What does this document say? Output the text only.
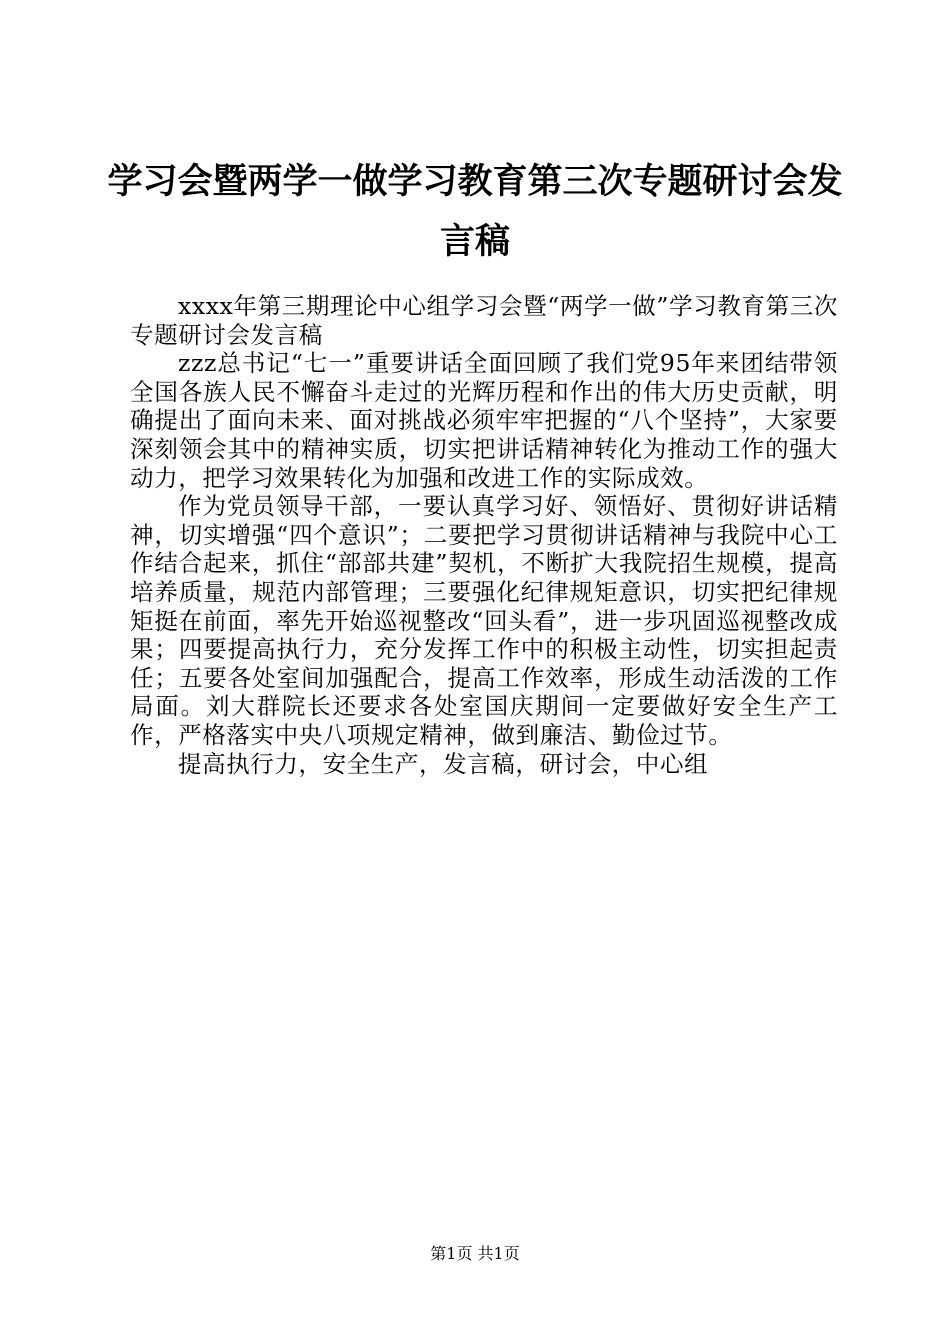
学习会暨两学一做学习教育第三次专题研讨会发言稿

xxxx年第三期理论中心组学习会暨“两学一做”学习教育第三次专题研讨会发言稿

zzz总书记“七一”重要讲话全面回顾了我们党95年来团结带领全国各族人民不懈奋斗走过的光辉历程和作出的伟大历史贡献，明确提出了面向未来、面对挑战必须牢牢把握的“八个坚持”，大家要深刻领会其中的精神实质，切实把讲话精神转化为推动工作的强大动力，把学习效果转化为加强和改进工作的实际成效。

作为党员领导干部，一要认真学习好、领悟好、贯彻好讲话精神，切实增强“四个意识”；二要把学习贯彻讲话精神与我院中心工作结合起来，抓住“部部共建”契机，不断扩大我院招生规模，提高培养质量，规范内部管理；三要强化纪律规矩意识，切实把纪律规矩挺在前面，率先开始巡视整改“回头看”，进一步巩固巡视整改成果；四要提高执行力，充分发挥工作中的积极主动性，切实担起责任；五要各处室间加强配合，提高工作效率，形成生动活泼的工作局面。刘大群院长还要求各处室国庆期间一定要做好安全生产工作，严格落实中央八项规定精神，做到廉洁、勤俭过节。

提高执行力，安全生产，发言稿，研讨会，中心组

第1页 共1页
